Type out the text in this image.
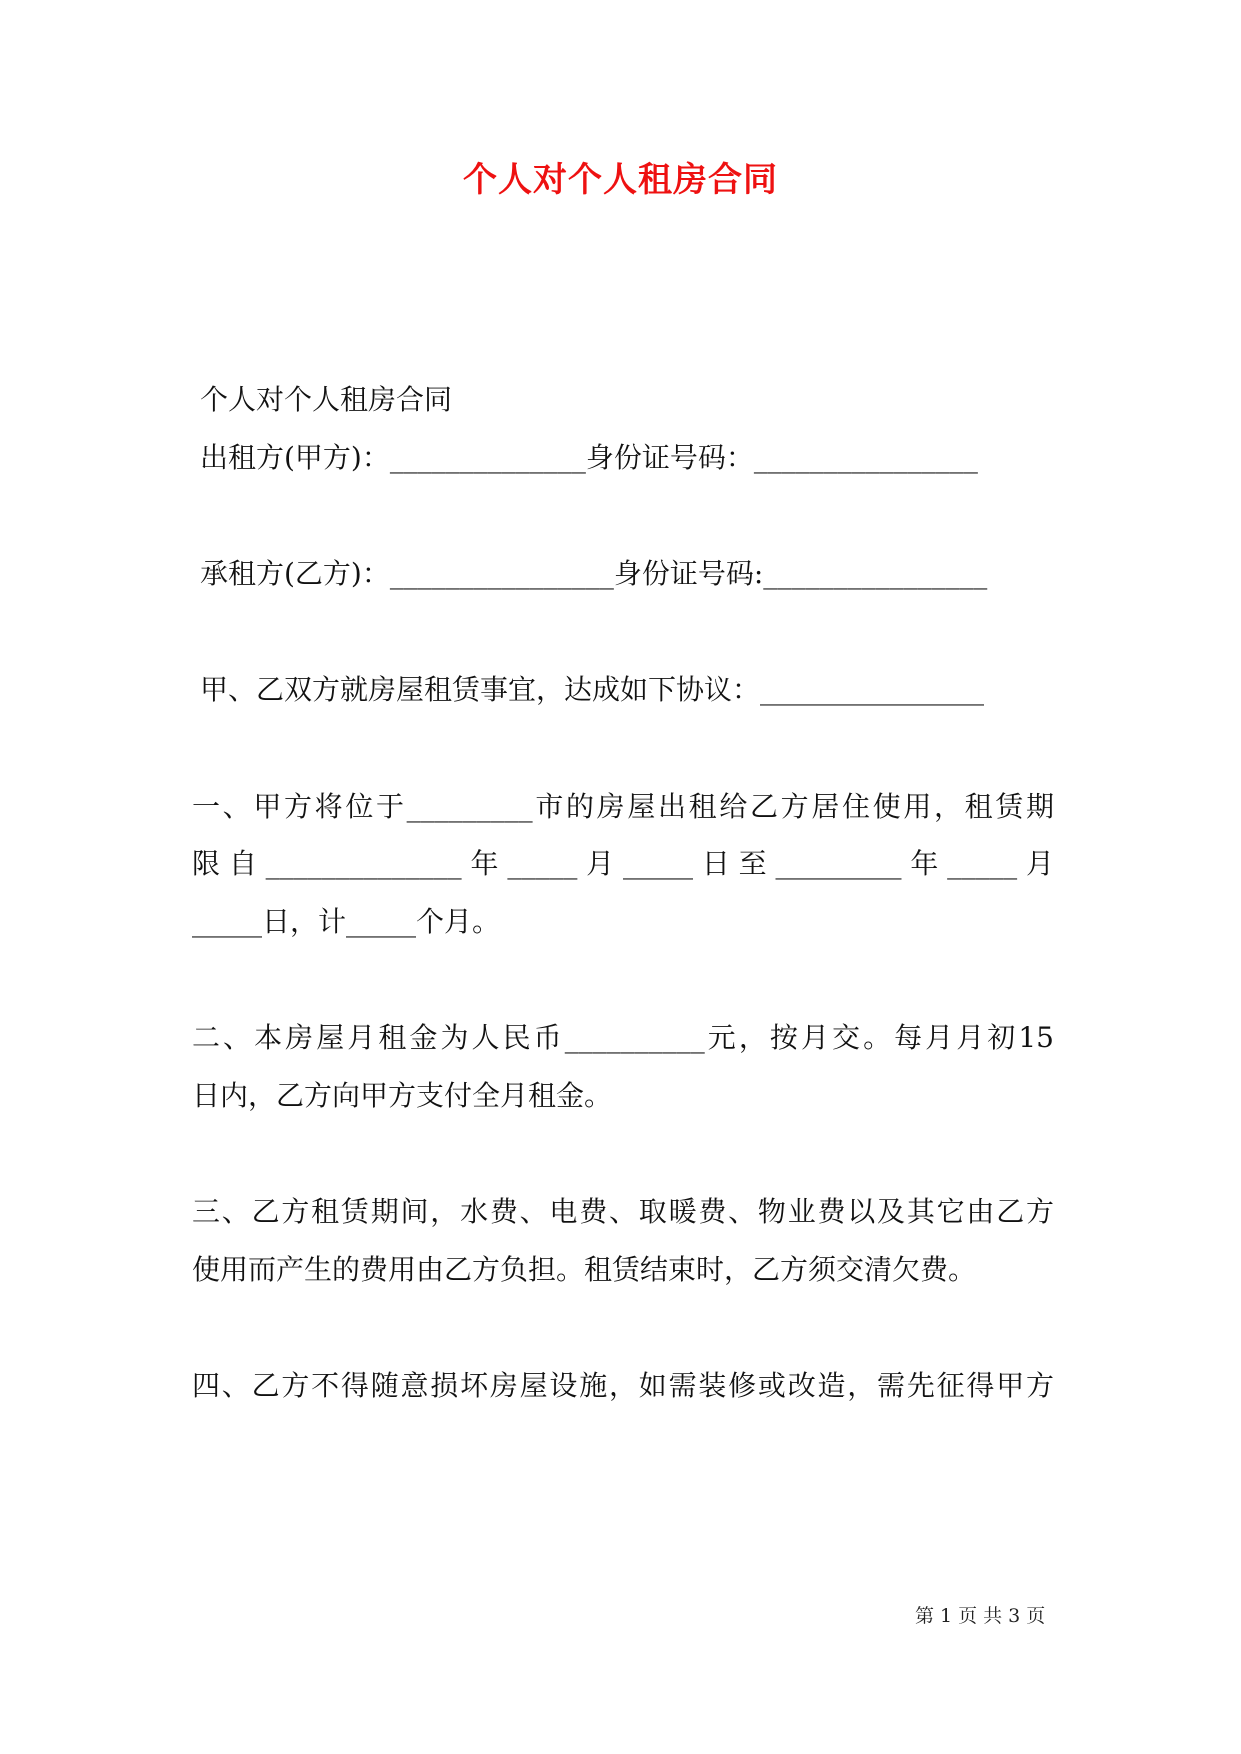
个人对个人租房合同
个人对个人租房合同
出租方(甲方)：______________身份证号码：________________
承租方(乙方)：________________身份证号码:________________
甲、乙双方就房屋租赁事宜，达成如下协议：________________
一、甲方将位于_________市的房屋出租给乙方居住使用，租赁期
限自______________年_____月_____日至_________年_____月
_____日，计_____个月。
二、本房屋月租金为人民币__________元，按月交。每月月初15
日内，乙方向甲方支付全月租金。
三、乙方租赁期间，水费、电费、取暖费、物业费以及其它由乙方
使用而产生的费用由乙方负担。租赁结束时，乙方须交清欠费。
四、乙方不得随意损坏房屋设施，如需装修或改造，需先征得甲方
第 1 页 共 3 页
